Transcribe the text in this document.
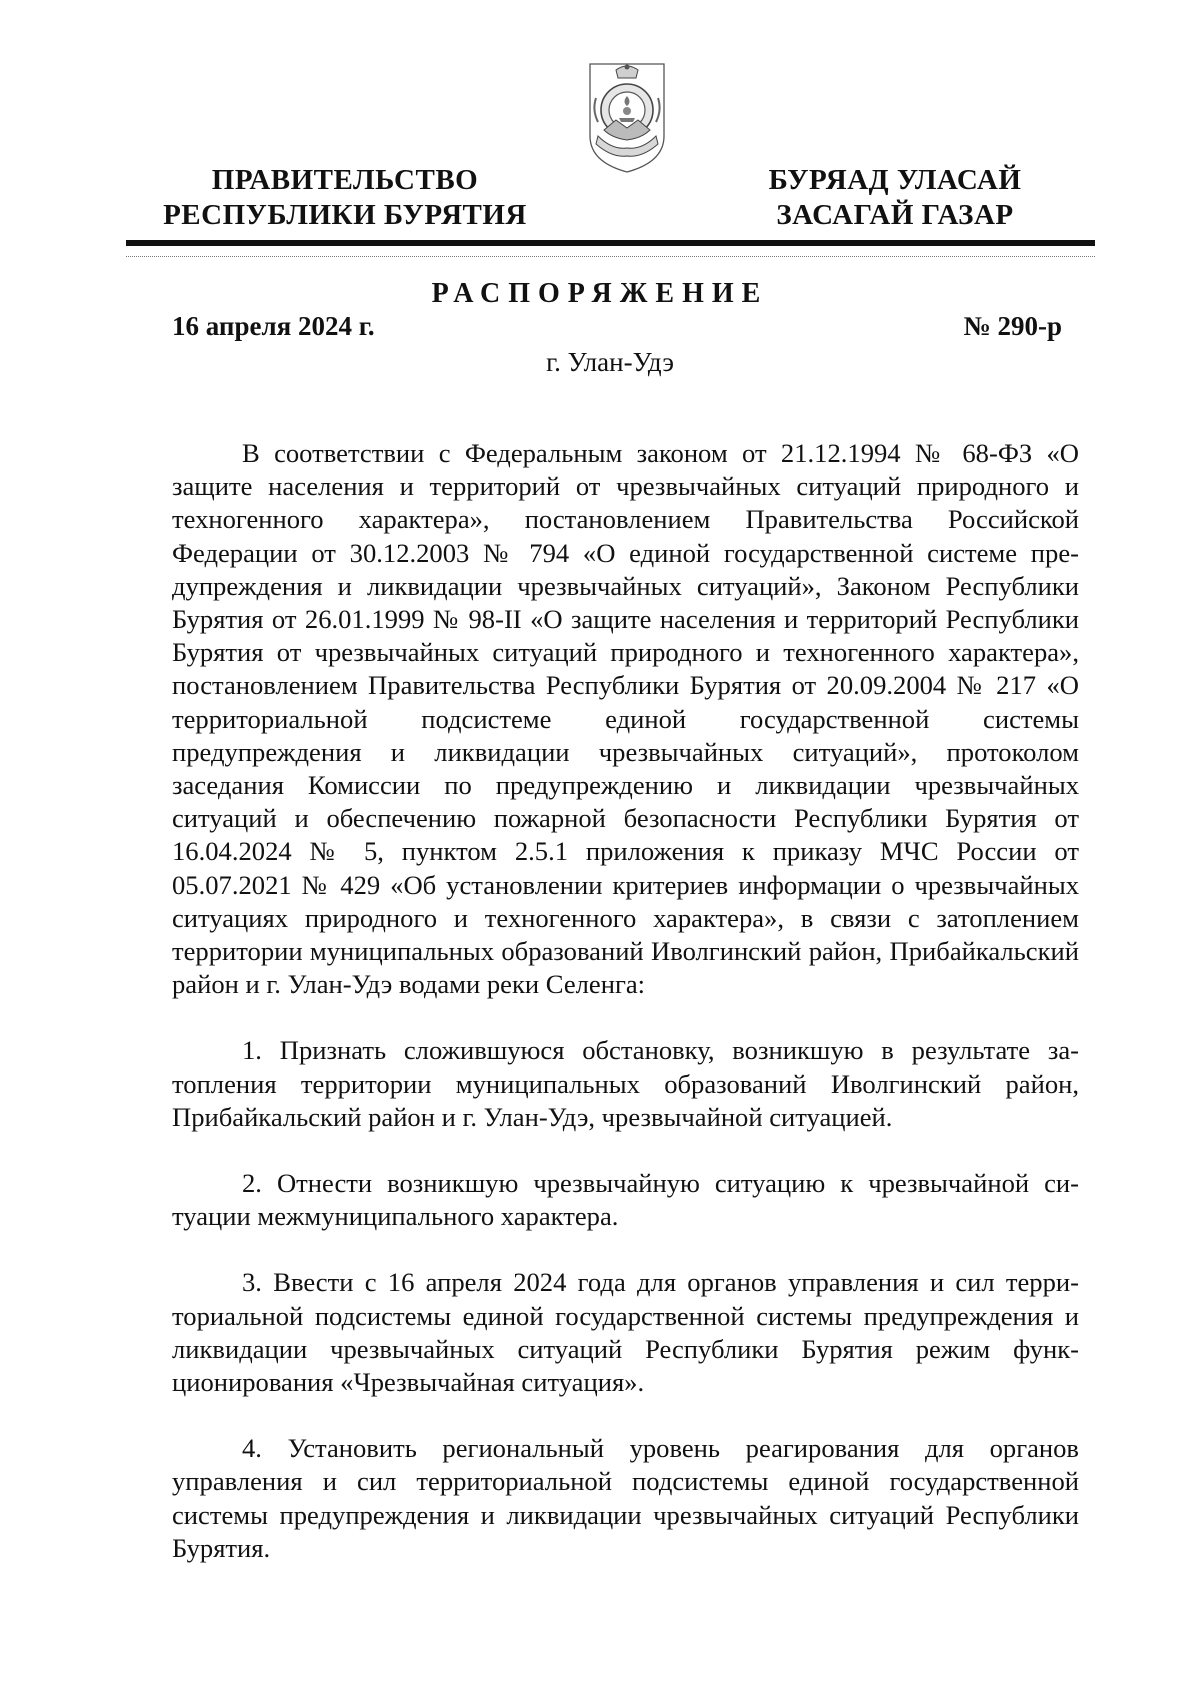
ПРАВИТЕЛЬСТВО
РЕСПУБЛИКИ БУРЯТИЯ
БУРЯАД УЛАСАЙ
ЗАСАГАЙ ГАЗАР
РАСПОРЯЖЕНИЕ
16 апреля 2024 г.	№ 290-р
г. Улан-Удэ

В соответствии с Федеральным законом от 21.12.1994 № 68-ФЗ «О защите населения и территорий от чрезвычайных ситуаций природного и техногенного характера», постановлением Правительства Российской Федерации от 30.12.2003 № 794 «О единой государственной системе предупреждения и ликвидации чрезвычайных ситуаций», Законом Республики Бурятия от 26.01.1999 № 98-II «О защите населения и территорий Республики Бурятия от чрезвычайных ситуаций природного и техногенного характера», постановлением Правительства Республики Бурятия от 20.09.2004 № 217 «О территориальной подсистеме единой государственной системы предупреждения и ликвидации чрезвычайных ситуаций», протоколом заседания Комиссии по предупреждению и ликвидации чрезвычайных ситуаций и обеспечению пожарной безопасности Республики Бурятия от 16.04.2024 № 5, пунктом 2.5.1 приложения к приказу МЧС России от 05.07.2021 № 429 «Об установлении критериев информации о чрезвычайных ситуациях природного и техногенного характера», в связи с затоплением территории муниципальных образований Иволгинский район, Прибайкальский район и г. Улан-Удэ водами реки Селенга:

1. Признать сложившуюся обстановку, возникшую в результате затопления территории муниципальных образований Иволгинский район, Прибайкальский район и г. Улан-Удэ, чрезвычайной ситуацией.

2. Отнести возникшую чрезвычайную ситуацию к чрезвычайной ситуации межмуниципального характера.

3. Ввести с 16 апреля 2024 года для органов управления и сил территориальной подсистемы единой государственной системы предупреждения и ликвидации чрезвычайных ситуаций Республики Бурятия режим функционирования «Чрезвычайная ситуация».

4. Установить региональный уровень реагирования для органов управления и сил территориальной подсистемы единой государственной системы предупреждения и ликвидации чрезвычайных ситуаций Республики Бурятия.
